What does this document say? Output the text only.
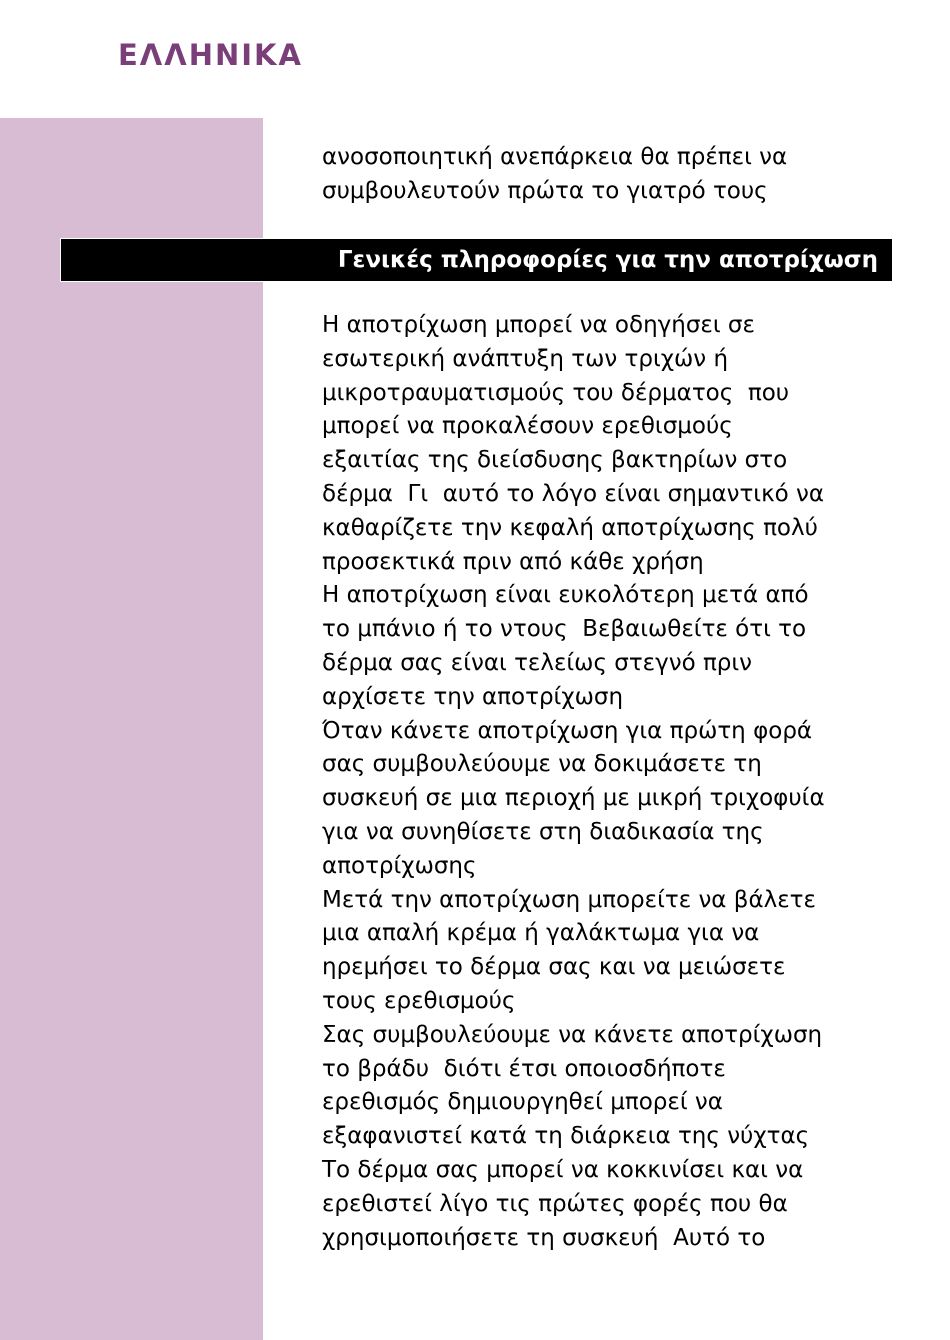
ΕΛΛΗΝΙΚΑ
ανοσοποιητική ανεπάρκεια θα πρέπει να
συμβουλευτούν πρώτα το γιατρό τους
Γενικές πληροφορίες για την αποτρίχωση
Η αποτρίχωση μπορεί να οδηγήσει σε
εσωτερική ανάπτυξη των τριχών ή
μικροτραυματισμούς του δέρματος  που
μπορεί να προκαλέσουν ερεθισμούς
εξαιτίας της διείσδυσης βακτηρίων στο
δέρμα  Γι  αυτό το λόγο είναι σημαντικό να
καθαρίζετε την κεφαλή αποτρίχωσης πολύ
προσεκτικά πριν από κάθε χρήση
Η αποτρίχωση είναι ευκολότερη μετά από
το μπάνιο ή το ντους  Βεβαιωθείτε ότι το
δέρμα σας είναι τελείως στεγνό πριν
αρχίσετε την αποτρίχωση
Όταν κάνετε αποτρίχωση για πρώτη φορά
σας συμβουλεύουμε να δοκιμάσετε τη
συσκευή σε μια περιοχή με μικρή τριχοφυία
για να συνηθίσετε στη διαδικασία της
αποτρίχωσης
Μετά την αποτρίχωση μπορείτε να βάλετε
μια απαλή κρέμα ή γαλάκτωμα για να
ηρεμήσει το δέρμα σας και να μειώσετε
τους ερεθισμούς
Σας συμβουλεύουμε να κάνετε αποτρίχωση
το βράδυ  διότι έτσι οποιοσδήποτε
ερεθισμός δημιουργηθεί μπορεί να
εξαφανιστεί κατά τη διάρκεια της νύχτας
Το δέρμα σας μπορεί να κοκκινίσει και να
ερεθιστεί λίγο τις πρώτες φορές που θα
χρησιμοποιήσετε τη συσκευή  Αυτό το
